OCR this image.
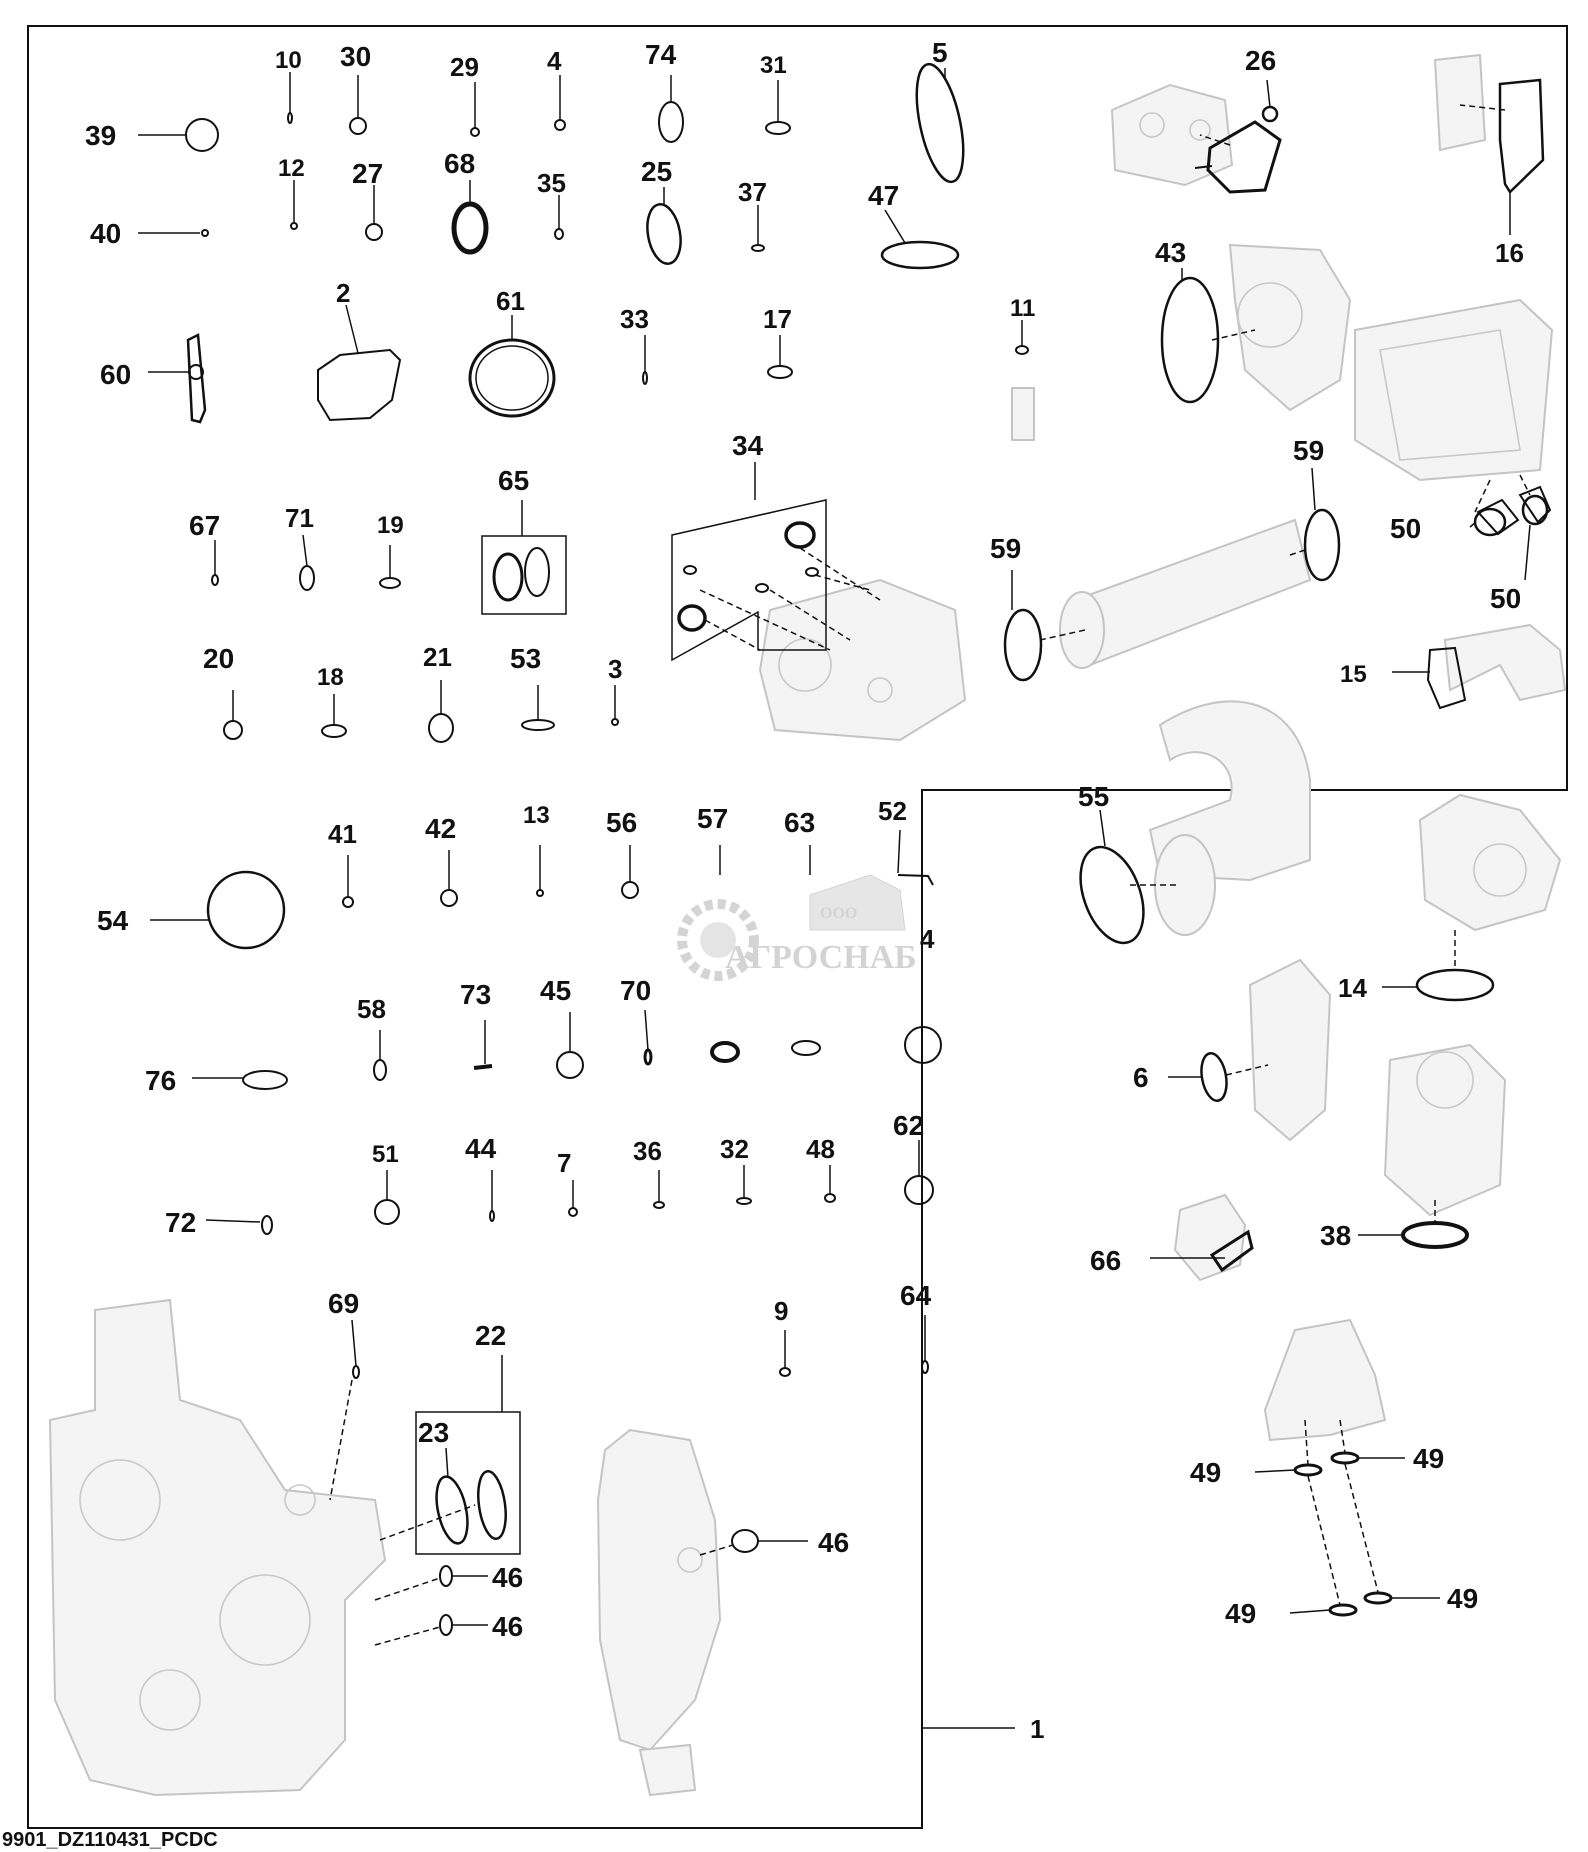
ООО
АГРОСНАБ
1
2
3
4
4
5
6
7
9
10
11
12
13
14
15
16
17
18
19
20	21
22
23
25
26
27
29
30	31
32
33
34
35
36
37
38
39
40
41 42
43
44
45
46
46
46
47
48
49	49
49	49
50
50
51
52
53
54
55
56 57
58
59
59
60
61
62
63
64
65
66
67
68
69
70
71
72
73
74
76
9901_DZ110431_PCDC
